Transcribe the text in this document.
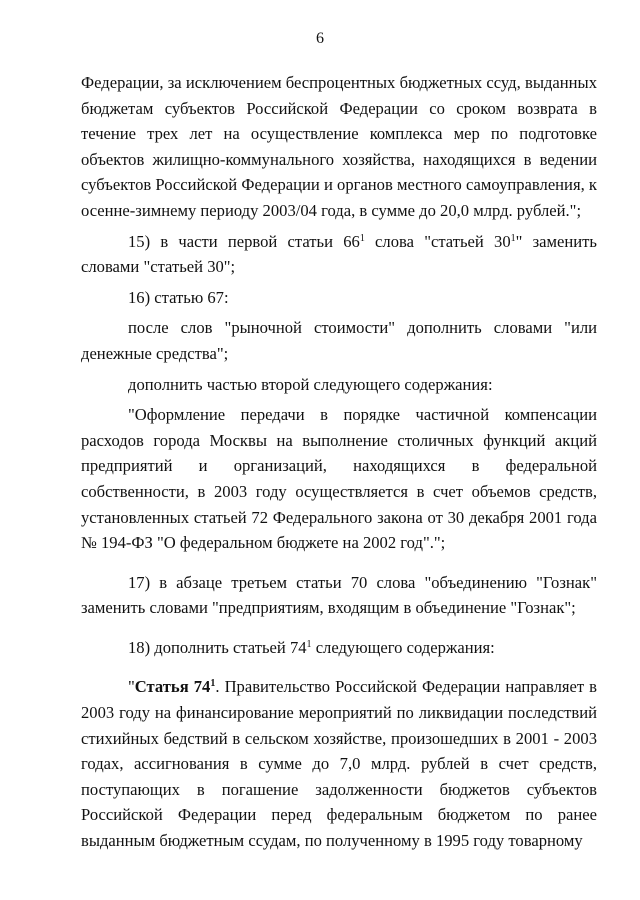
6

Федерации, за исключением беспроцентных бюджетных ссуд, выданных бюджетам субъектов Российской Федерации со сроком возврата в течение трех лет на осуществление комплекса мер по подготовке объектов жилищно-коммунального хозяйства, находящихся в ведении субъектов Российской Федерации и органов местного самоуправления, к осенне-зимнему периоду 2003/04 года, в сумме до 20,0 млрд. рублей.";

15) в части первой статьи $66^1$ слова "статьей $30^1$" заменить словами "статьей 30";

16) статью 67:

после слов "рыночной стоимости" дополнить словами "или денежные средства";

дополнить частью второй следующего содержания:

"Оформление передачи в порядке частичной компенсации расходов города Москвы на выполнение столичных функций акций предприятий и организаций, находящихся в федеральной собственности, в 2003 году осуществляется в счет объемов средств, установленных статьей 72 Федерального закона от 30 декабря 2001 года № 194-ФЗ "О федеральном бюджете на 2002 год".";

17) в абзаце третьем статьи 70 слова "объединению "Гознак" заменить словами "предприятиям, входящим в объединение "Гознак";

18) дополнить статьей $74^1$ следующего содержания:

"Статья $74^1$. Правительство Российской Федерации направляет в 2003 году на финансирование мероприятий по ликвидации последствий стихийных бедствий в сельском хозяйстве, произошедших в 2001 - 2003 годах, ассигнования в сумме до 7,0 млрд. рублей в счет средств, поступающих в погашение задолженности бюджетов субъектов Российской Федерации перед федеральным бюджетом по ранее выданным бюджетным ссудам, по полученному в 1995 году товарному
